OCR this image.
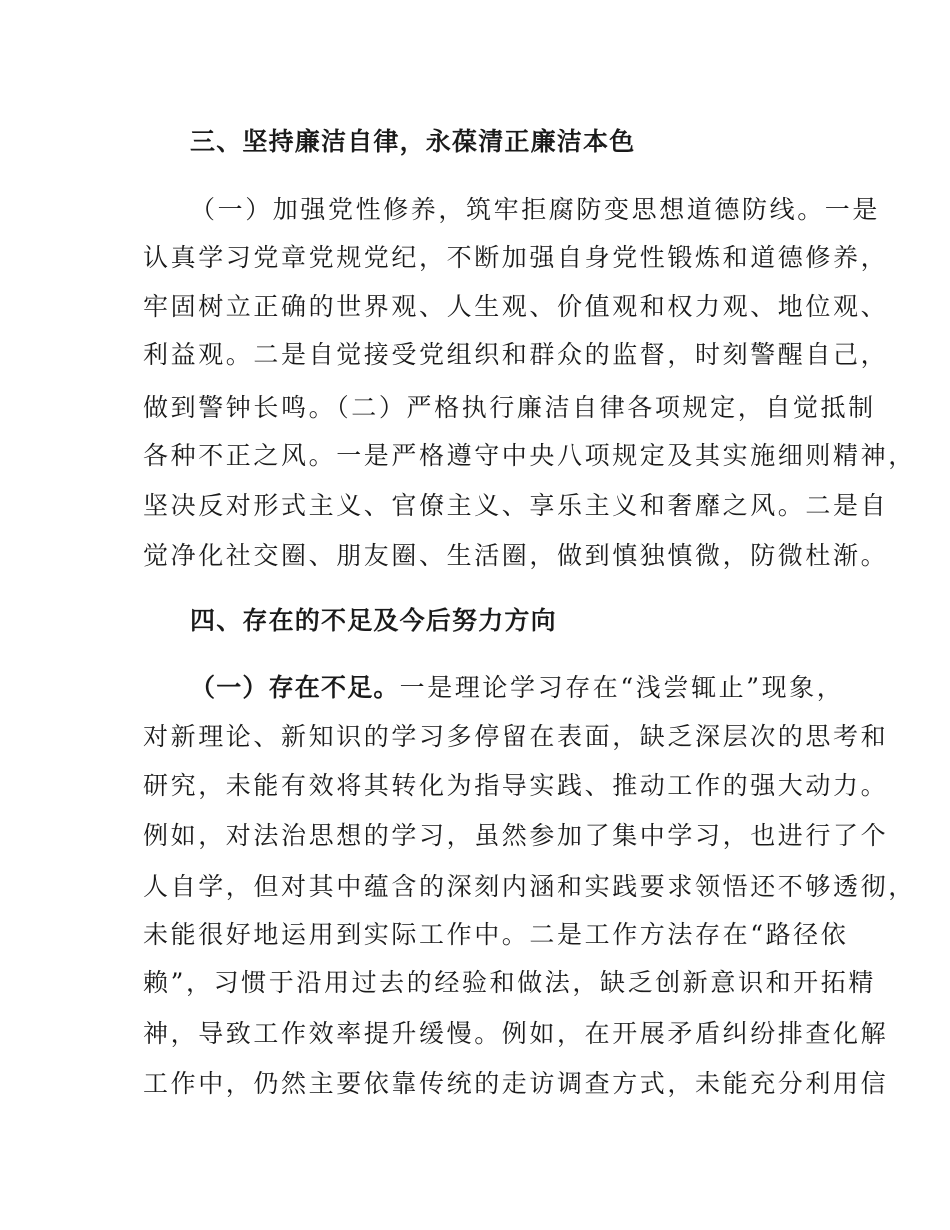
三、坚持廉洁自律，永葆清正廉洁本色
（一）加强党性修养，筑牢拒腐防变思想道德防线。一是
认真学习党章党规党纪，不断加强自身党性锻炼和道德修养，
牢固树立正确的世界观、人生观、价值观和权力观、地位观、
利益观。二是自觉接受党组织和群众的监督，时刻警醒自己，
做到警钟长鸣。（二）严格执行廉洁自律各项规定，自觉抵制
各种不正之风。一是严格遵守中央八项规定及其实施细则精神，
坚决反对形式主义、官僚主义、享乐主义和奢靡之风。二是自
觉净化社交圈、朋友圈、生活圈，做到慎独慎微，防微杜渐。
四、存在的不足及今后努力方向
（一）存在不足。一是理论学习存在“浅尝辄止”现象，
对新理论、新知识的学习多停留在表面，缺乏深层次的思考和
研究，未能有效将其转化为指导实践、推动工作的强大动力。
例如，对法治思想的学习，虽然参加了集中学习，也进行了个
人自学，但对其中蕴含的深刻内涵和实践要求领悟还不够透彻，
未能很好地运用到实际工作中。二是工作方法存在“路径依
赖”，习惯于沿用过去的经验和做法，缺乏创新意识和开拓精
神，导致工作效率提升缓慢。例如，在开展矛盾纠纷排查化解
工作中，仍然主要依靠传统的走访调查方式，未能充分利用信
